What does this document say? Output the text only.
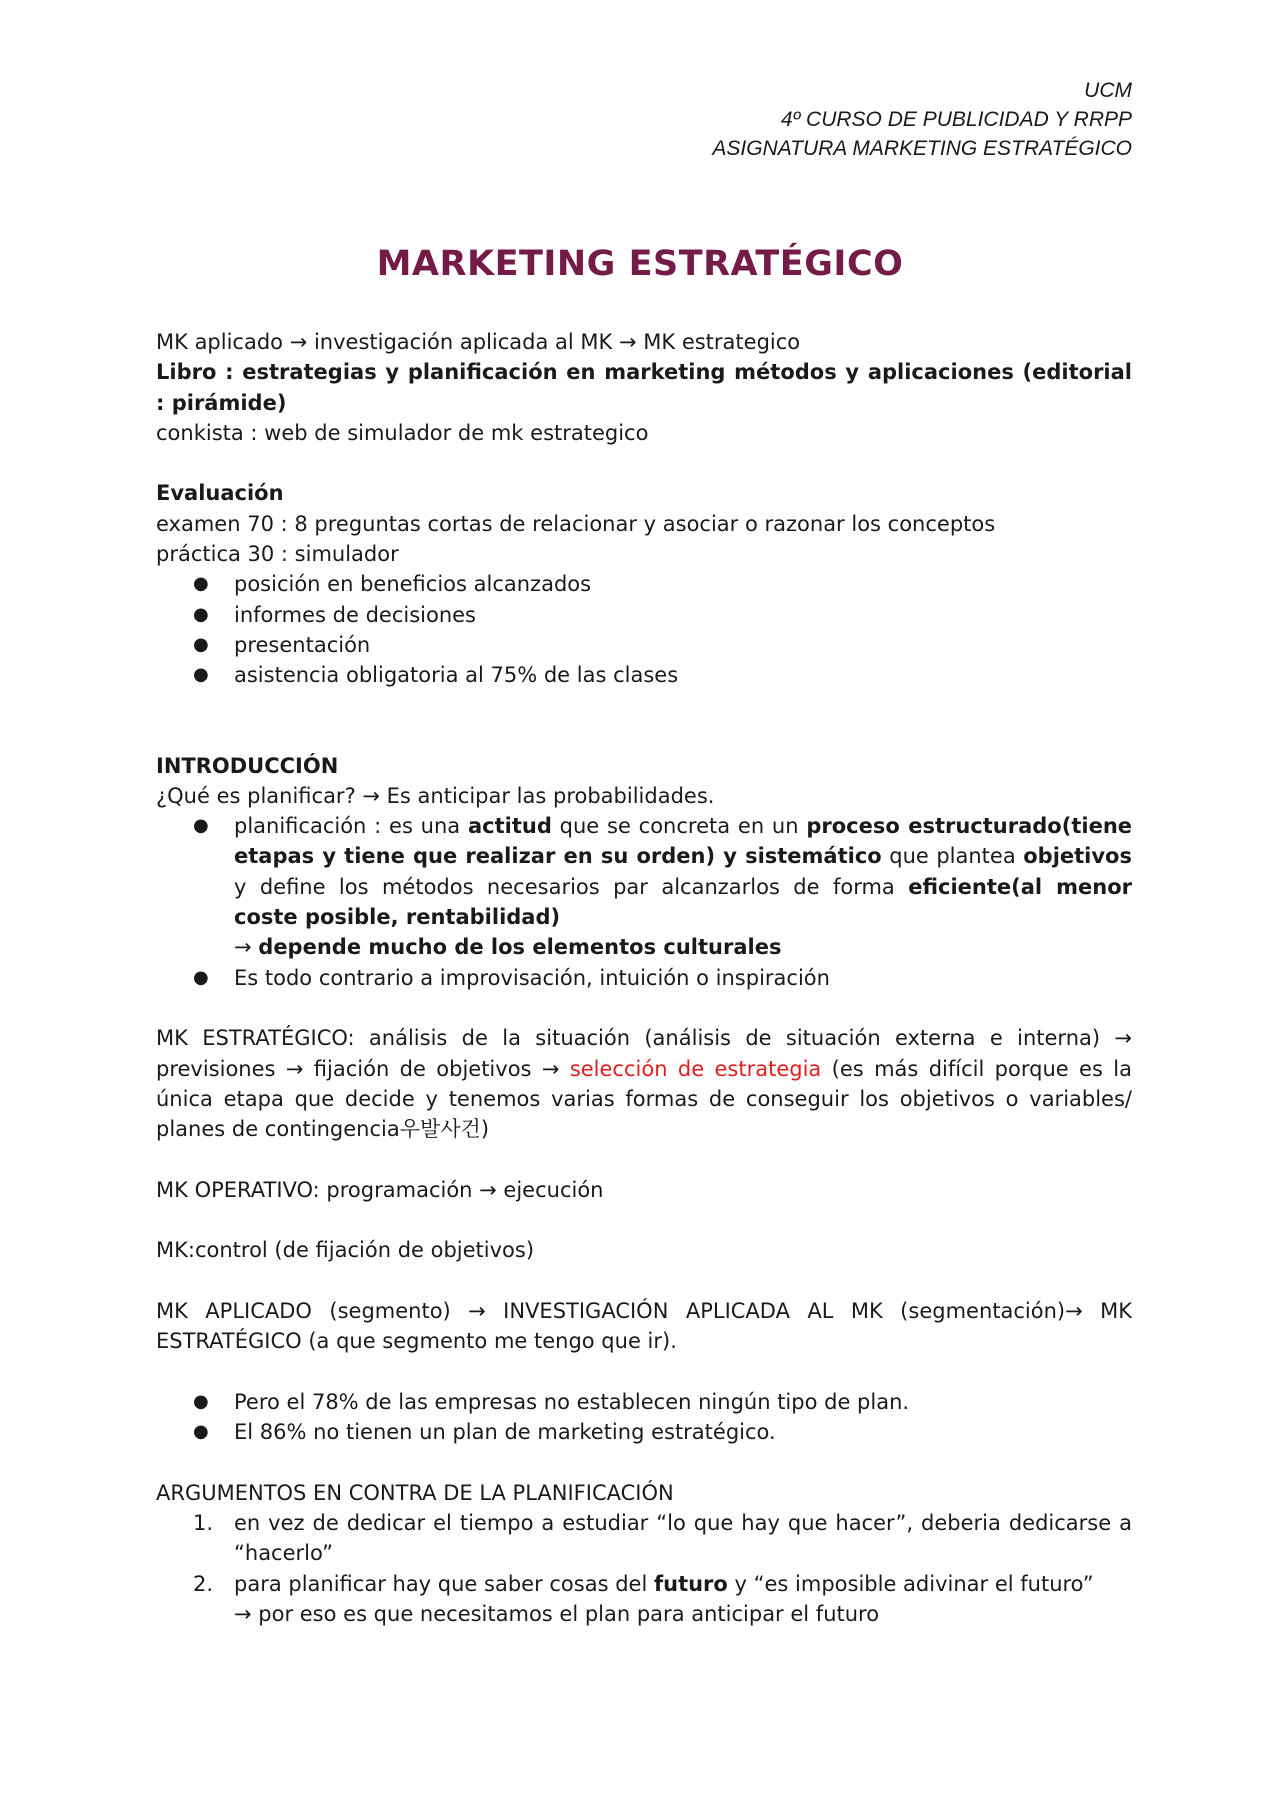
UCM
4º CURSO DE PUBLICIDAD Y RRPP
ASIGNATURA MARKETING ESTRATÉGICO
MARKETING ESTRATÉGICO

MK aplicado → investigación aplicada al MK → MK estrategico

Libro : estrategias y planificación en marketing métodos y aplicaciones (editorial : pirámide)

conkista : web de simulador de mk estrategico

Evaluación

examen 70 : 8 preguntas cortas de relacionar y asociar o razonar los conceptos

práctica 30 : simulador

● posición en beneficios alcanzados
● informes de decisiones
● presentación
● asistencia obligatoria al 75% de las clases

INTRODUCCIÓN

¿Qué es planificar? → Es anticipar las probabilidades.

● planificación : es una actitud que se concreta en un proceso estructurado(tiene etapas y tiene que realizar en su orden) y sistemático que plantea objetivos y define los métodos necesarios par alcanzarlos de forma eficiente(al menor coste posible, rentabilidad)
→ depende mucho de los elementos culturales
● Es todo contrario a improvisación, intuición o inspiración

MK ESTRATÉGICO: análisis de la situación (análisis de situación externa e interna) → previsiones → fijación de objetivos → selección de estrategia (es más difícil porque es la única etapa que decide y tenemos varias formas de conseguir los objetivos o variables/ planes de contingencia우발사건)

MK OPERATIVO: programación → ejecución

MK:control (de fijación de objetivos)

MK APLICADO (segmento) → INVESTIGACIÓN APLICADA AL MK (segmentación)→ MK ESTRATÉGICO (a que segmento me tengo que ir).

● Pero el 78% de las empresas no establecen ningún tipo de plan.
● El 86% no tienen un plan de marketing estratégico.

ARGUMENTOS EN CONTRA DE LA PLANIFICACIÓN

1. en vez de dedicar el tiempo a estudiar “lo que hay que hacer”, deberia dedicarse a “hacerlo”
2. para planificar hay que saber cosas del futuro y “es imposible adivinar el futuro”
→ por eso es que necesitamos el plan para anticipar el futuro
